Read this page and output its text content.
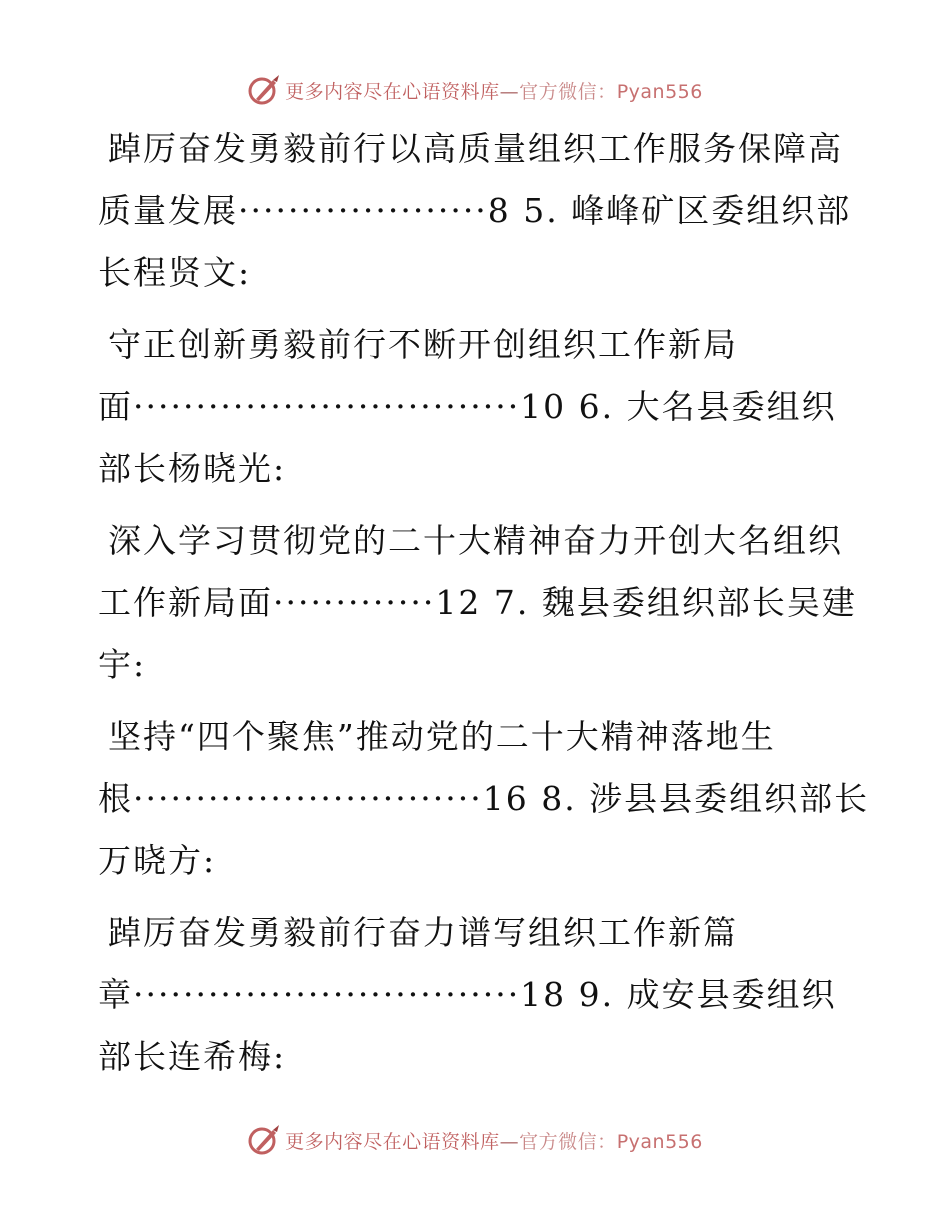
更多内容尽在心语资料库—官方微信：Pyan556
踔厉奋发勇毅前行以高质量组织工作服务保障高
质量发展····················8 5. 峰峰矿区委组织部
长程贤文:
守正创新勇毅前行不断开创组织工作新局
面·······························10 6. 大名县委组织
部长杨晓光:
深入学习贯彻党的二十大精神奋力开创大名组织
工作新局面·············12 7. 魏县委组织部长吴建
宇:
坚持“四个聚焦”推动党的二十大精神落地生
根····························16 8. 涉县县委组织部长
万晓方:
踔厉奋发勇毅前行奋力谱写组织工作新篇
章·······························18 9. 成安县委组织
部长连希梅:
更多内容尽在心语资料库—官方微信：Pyan556
